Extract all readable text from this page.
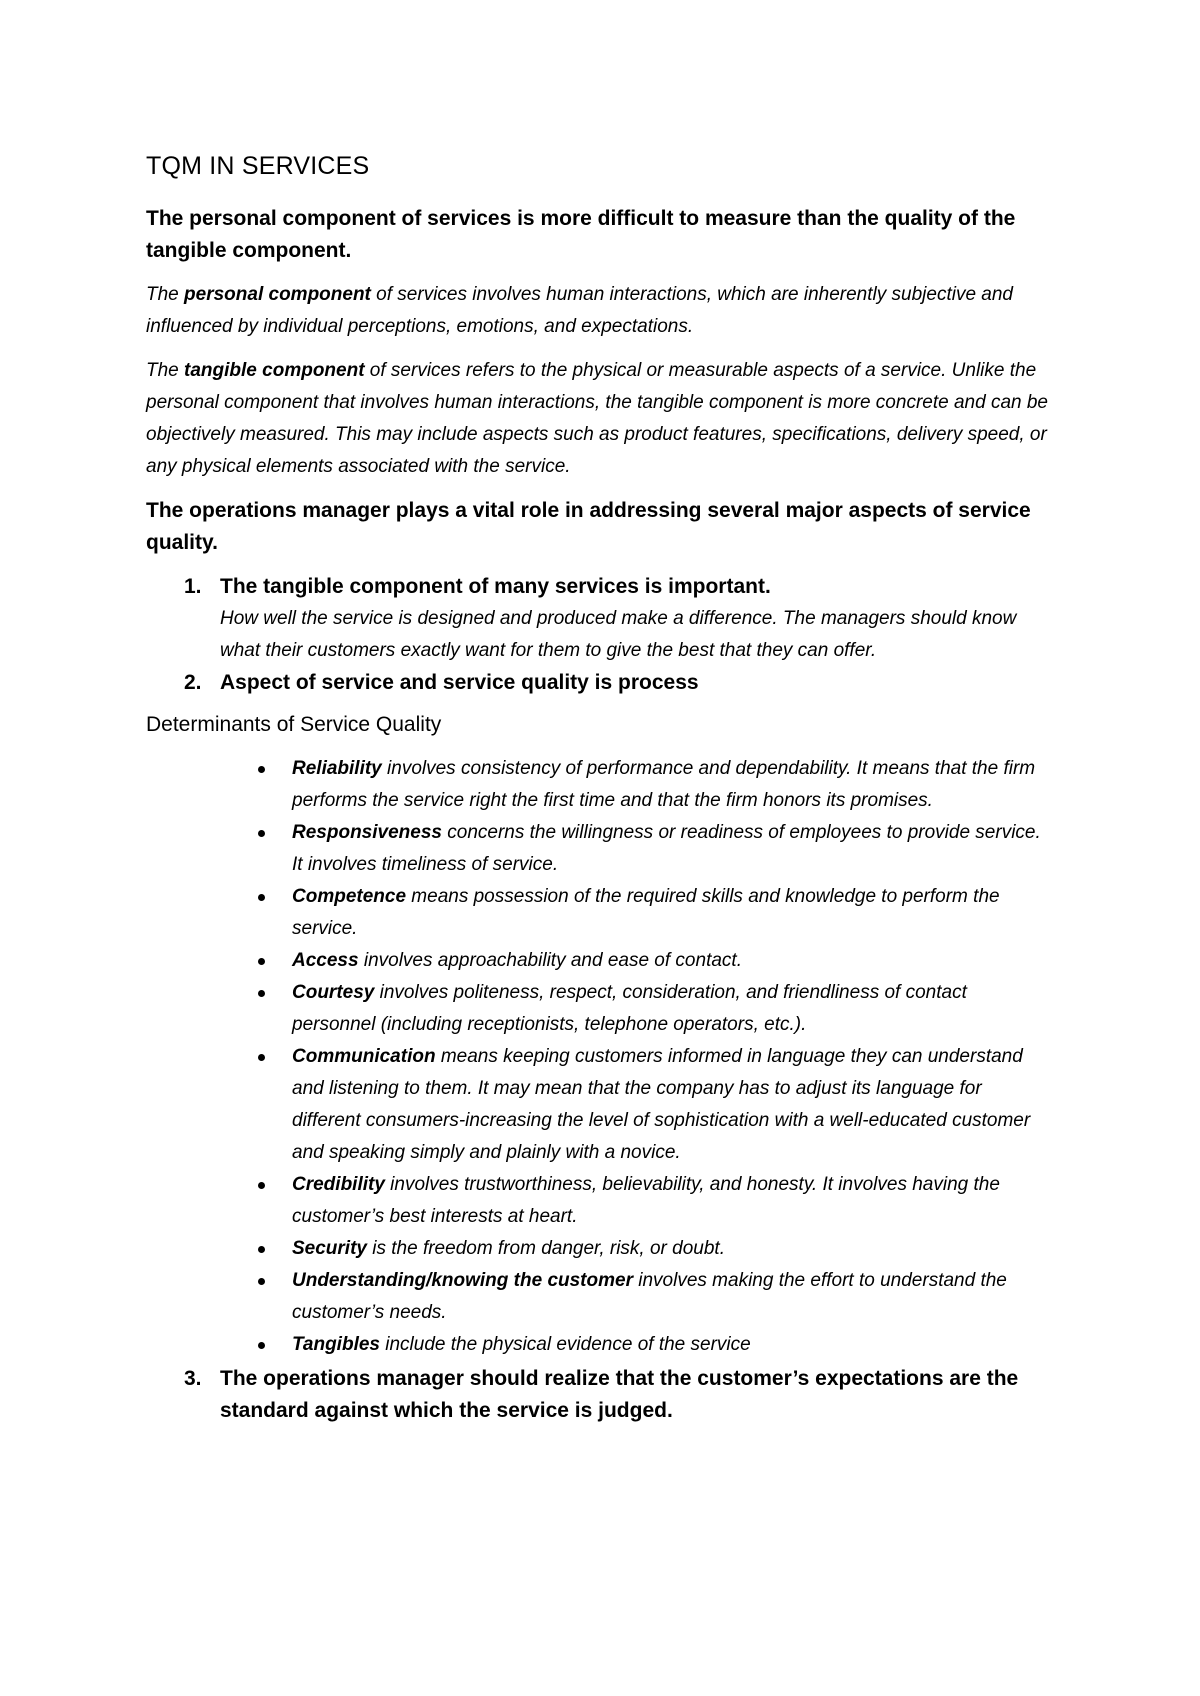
TQM IN SERVICES
The personal component of services is more difficult to measure than the quality of the tangible component.
The personal component of services involves human interactions, which are inherently subjective and influenced by individual perceptions, emotions, and expectations.
The tangible component of services refers to the physical or measurable aspects of a service. Unlike the personal component that involves human interactions, the tangible component is more concrete and can be objectively measured. This may include aspects such as product features, specifications, delivery speed, or any physical elements associated with the service.
The operations manager plays a vital role in addressing several major aspects of service quality.
1. The tangible component of many services is important.
How well the service is designed and produced make a difference. The managers should know what their customers exactly want for them to give the best that they can offer.
2. Aspect of service and service quality is process
Determinants of Service Quality
Reliability involves consistency of performance and dependability. It means that the firm performs the service right the first time and that the firm honors its promises.
Responsiveness concerns the willingness or readiness of employees to provide service. It involves timeliness of service.
Competence means possession of the required skills and knowledge to perform the service.
Access involves approachability and ease of contact.
Courtesy involves politeness, respect, consideration, and friendliness of contact personnel (including receptionists, telephone operators, etc.).
Communication means keeping customers informed in language they can understand and listening to them. It may mean that the company has to adjust its language for different consumers-increasing the level of sophistication with a well-educated customer and speaking simply and plainly with a novice.
Credibility involves trustworthiness, believability, and honesty. It involves having the customer’s best interests at heart.
Security is the freedom from danger, risk, or doubt.
Understanding/knowing the customer involves making the effort to understand the customer’s needs.
Tangibles include the physical evidence of the service
3. The operations manager should realize that the customer’s expectations are the standard against which the service is judged.
